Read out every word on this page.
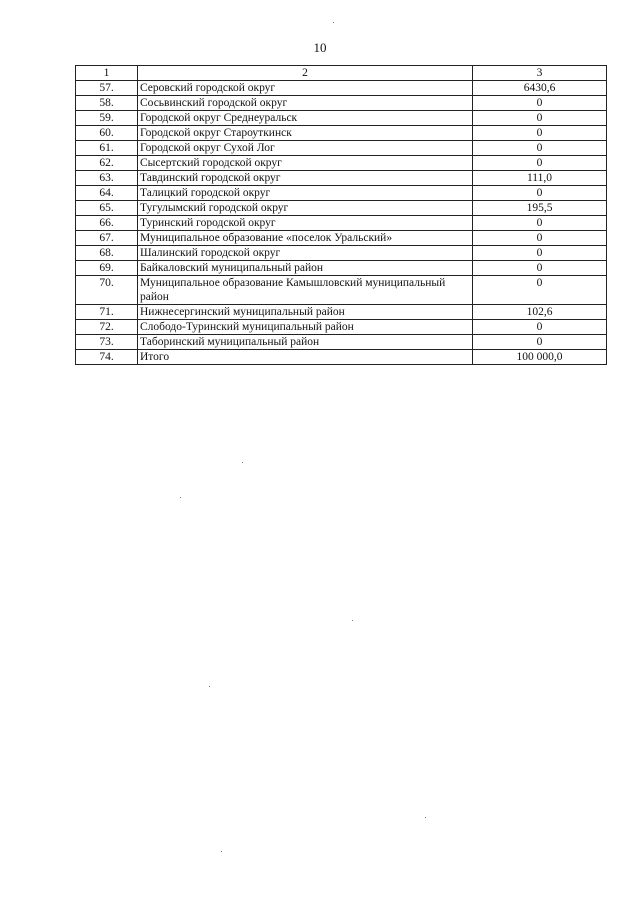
10
1	2	3
57.	Серовский городской округ	6430,6
58.	Сосьвинский городской округ	0
59.	Городской округ Среднеуральск	0
60.	Городской округ Староуткинск	0
61.	Городской округ Сухой Лог	0
62.	Сысертский городской округ	0
63.	Тавдинский городской округ	111,0
64.	Талицкий городской округ	0
65.	Тугулымский городской округ	195,5
66.	Туринский городской округ	0
67.	Муниципальное образование «поселок Уральский»	0
68.	Шалинский городской округ	0
69.	Байкаловский муниципальный район	0
70.	Муниципальное образование Камышловский муниципальный район	0
71.	Нижнесергинский муниципальный район	102,6
72.	Слободо-Туринский муниципальный район	0
73.	Таборинский муниципальный район	0
74.	Итого	100 000,0
